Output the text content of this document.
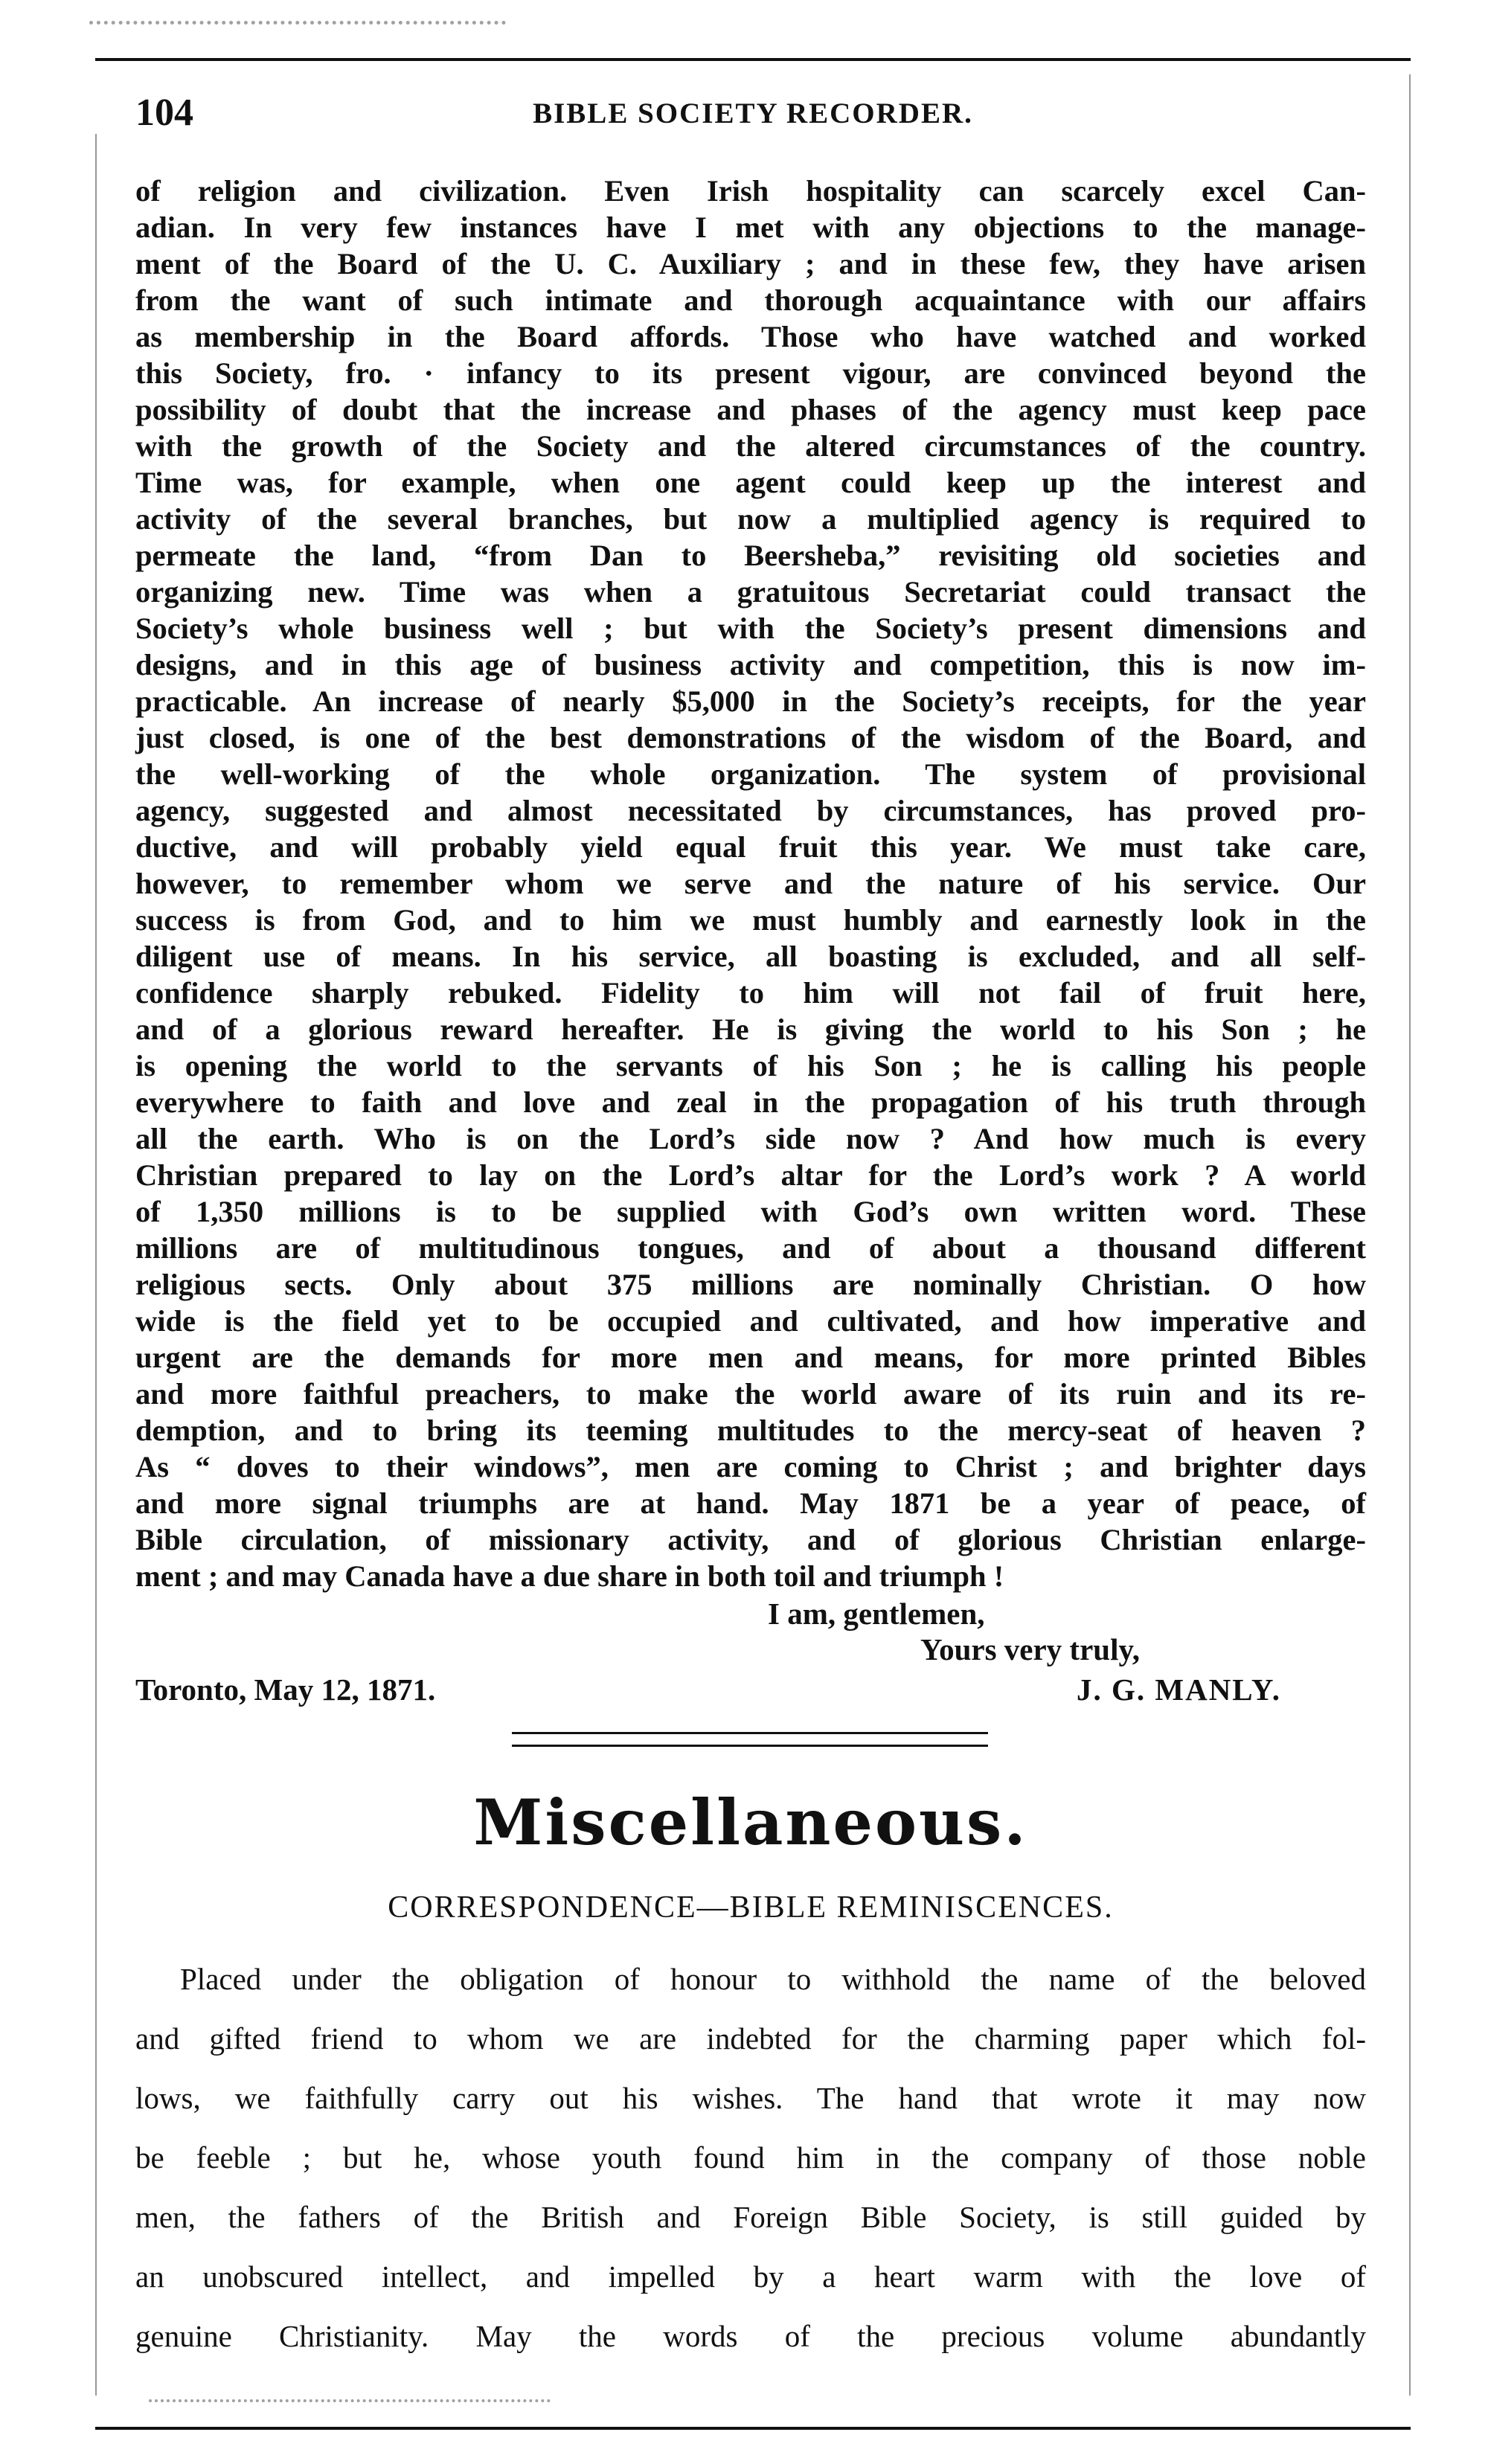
104	BIBLE SOCIETY RECORDER.
of religion and civilization. Even Irish hospitality can scarcely excel Can-
adian. In very few instances have I met with any objections to the manage-
ment of the Board of the U. C. Auxiliary ; and in these few, they have arisen
from the want of such intimate and thorough acquaintance with our affairs
as membership in the Board affords. Those who have watched and worked
this Society, fro. · infancy to its present vigour, are convinced beyond the
possibility of doubt that the increase and phases of the agency must keep pace
with the growth of the Society and the altered circumstances of the country.
Time was, for example, when one agent could keep up the interest and
activity of the several branches, but now a multiplied agency is required to
permeate the land, “from Dan to Beersheba,” revisiting old societies and
organizing new. Time was when a gratuitous Secretariat could transact the
Society’s whole business well ; but with the Society’s present dimensions and
designs, and in this age of business activity and competition, this is now im-
practicable. An increase of nearly $5,000 in the Society’s receipts, for the year
just closed, is one of the best demonstrations of the wisdom of the Board, and
the well-working of the whole organization. The system of provisional
agency, suggested and almost necessitated by circumstances, has proved pro-
ductive, and will probably yield equal fruit this year. We must take care,
however, to remember whom we serve and the nature of his service. Our
success is from God, and to him we must humbly and earnestly look in the
diligent use of means. In his service, all boasting is excluded, and all self-
confidence sharply rebuked. Fidelity to him will not fail of fruit here,
and of a glorious reward hereafter. He is giving the world to his Son ; he
is opening the world to the servants of his Son ; he is calling his people
everywhere to faith and love and zeal in the propagation of his truth through
all the earth. Who is on the Lord’s side now ? And how much is every
Christian prepared to lay on the Lord’s altar for the Lord’s work ? A world
of 1,350 millions is to be supplied with God’s own written word. These
millions are of multitudinous tongues, and of about a thousand different
religious sects. Only about 375 millions are nominally Christian. O how
wide is the field yet to be occupied and cultivated, and how imperative and
urgent are the demands for more men and means, for more printed Bibles
and more faithful preachers, to make the world aware of its ruin and its re-
demption, and to bring its teeming multitudes to the mercy-seat of heaven ?
As “ doves to their windows”, men are coming to Christ ; and brighter days
and more signal triumphs are at hand. May 1871 be a year of peace, of
Bible circulation, of missionary activity, and of glorious Christian enlarge-
ment ; and may Canada have a due share in both toil and triumph !
I am, gentlemen,
Yours very truly,
Toronto, May 12, 1871.	J. G. MANLY.
Miscellaneous.
CORRESPONDENCE—BIBLE REMINISCENCES.
Placed under the obligation of honour to withhold the name of the beloved
and gifted friend to whom we are indebted for the charming paper which fol-
lows, we faithfully carry out his wishes. The hand that wrote it may now
be feeble ; but he, whose youth found him in the company of those noble
men, the fathers of the British and Foreign Bible Society, is still guided by
an unobscured intellect, and impelled by a heart warm with the love of
genuine Christianity. May the words of the precious volume abundantly
